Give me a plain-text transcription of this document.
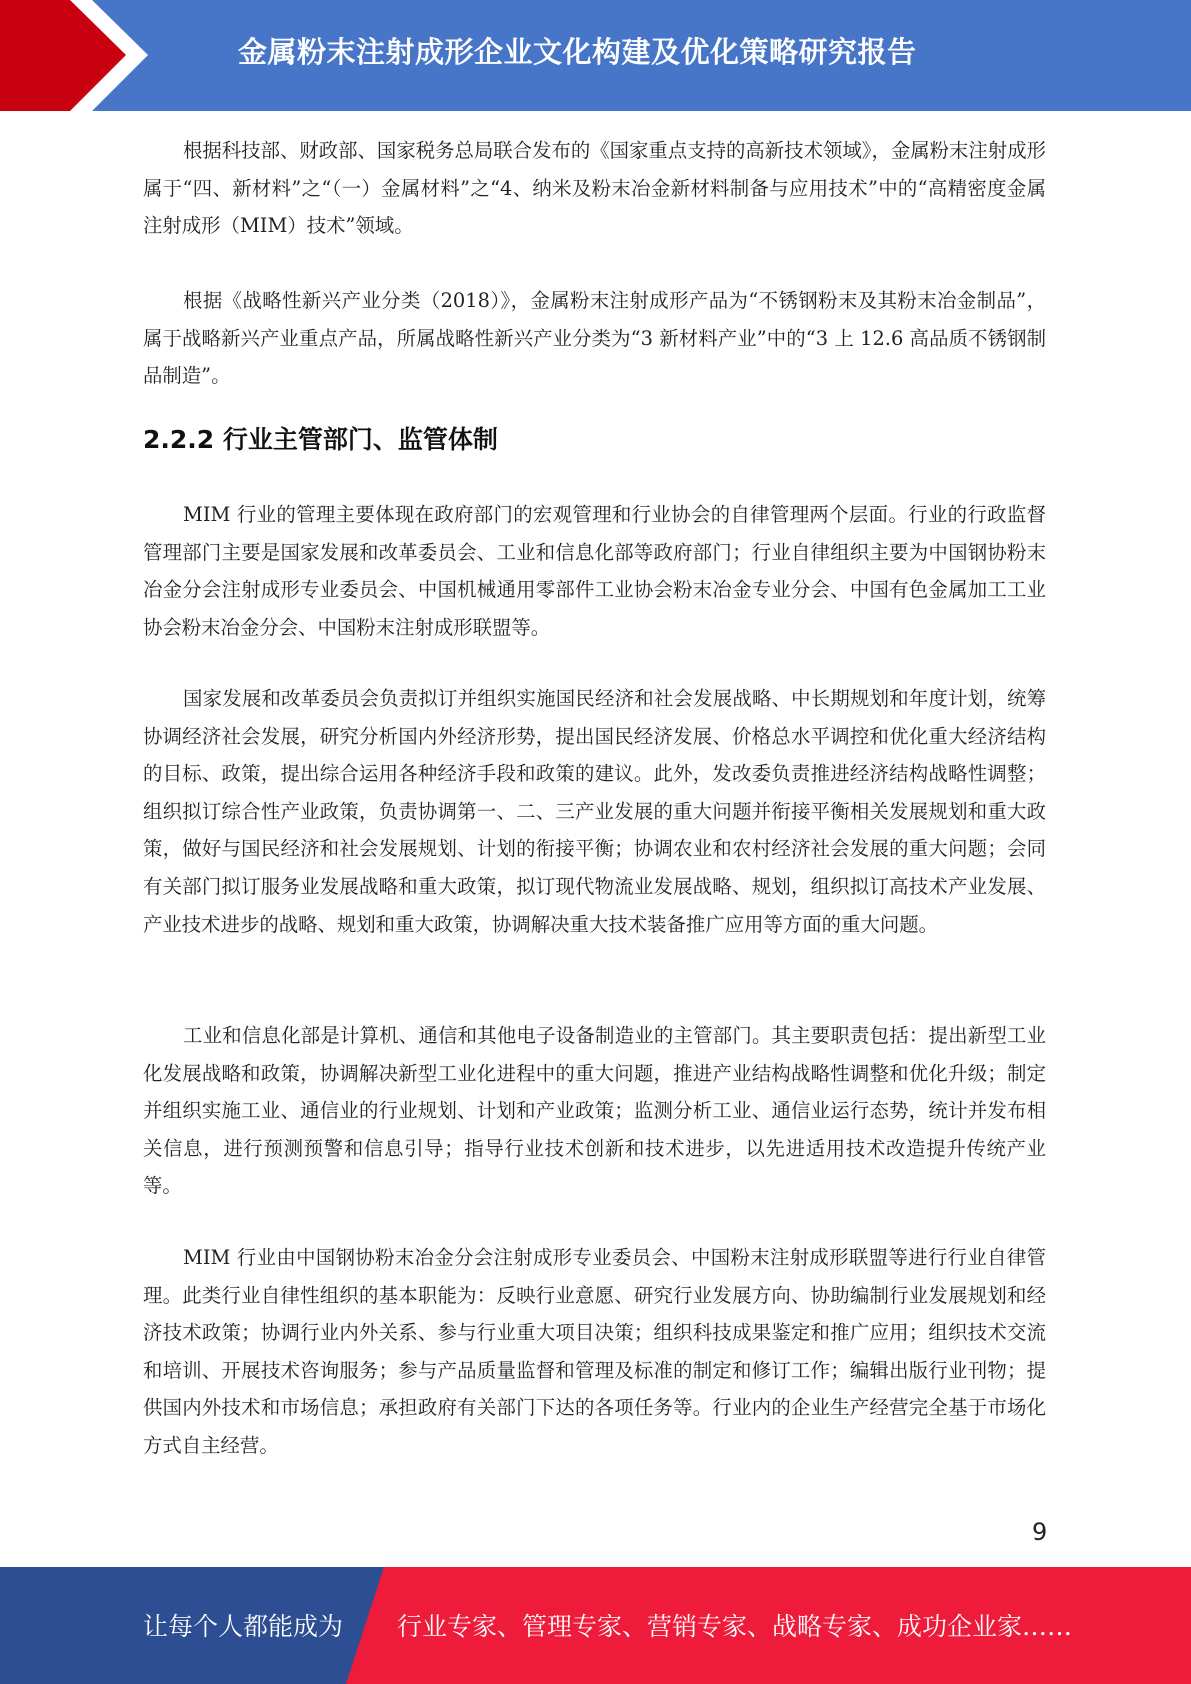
金属粉末注射成形企业文化构建及优化策略研究报告

根据科技部、财政部、国家税务总局联合发布的《国家重点支持的高新技术领域》，金属粉末注射成形属于“四、新材料”之“（一）金属材料”之“4、纳米及粉末冶金新材料制备与应用技术”中的“高精密度金属注射成形（MIM）技术”领域。

根据《战略性新兴产业分类（2018）》，金属粉末注射成形产品为“不锈钢粉末及其粉末冶金制品”，属于战略新兴产业重点产品，所属战略性新兴产业分类为“3 新材料产业”中的“3 上 12.6 高品质不锈钢制品制造”。

2.2.2 行业主管部门、监管体制

MIM 行业的管理主要体现在政府部门的宏观管理和行业协会的自律管理两个层面。行业的行政监督管理部门主要是国家发展和改革委员会、工业和信息化部等政府部门；行业自律组织主要为中国钢协粉末冶金分会注射成形专业委员会、中国机械通用零部件工业协会粉末冶金专业分会、中国有色金属加工工业协会粉末冶金分会、中国粉末注射成形联盟等。

国家发展和改革委员会负责拟订并组织实施国民经济和社会发展战略、中长期规划和年度计划，统筹协调经济社会发展，研究分析国内外经济形势，提出国民经济发展、价格总水平调控和优化重大经济结构的目标、政策，提出综合运用各种经济手段和政策的建议。此外，发改委负责推进经济结构战略性调整；组织拟订综合性产业政策，负责协调第一、二、三产业发展的重大问题并衔接平衡相关发展规划和重大政策，做好与国民经济和社会发展规划、计划的衔接平衡；协调农业和农村经济社会发展的重大问题；会同有关部门拟订服务业发展战略和重大政策，拟订现代物流业发展战略、规划，组织拟订高技术产业发展、产业技术进步的战略、规划和重大政策，协调解决重大技术装备推广应用等方面的重大问题。

工业和信息化部是计算机、通信和其他电子设备制造业的主管部门。其主要职责包括：提出新型工业化发展战略和政策，协调解决新型工业化进程中的重大问题，推进产业结构战略性调整和优化升级；制定并组织实施工业、通信业的行业规划、计划和产业政策；监测分析工业、通信业运行态势，统计并发布相关信息，进行预测预警和信息引导；指导行业技术创新和技术进步，以先进适用技术改造提升传统产业等。

MIM 行业由中国钢协粉末冶金分会注射成形专业委员会、中国粉末注射成形联盟等进行行业自律管理。此类行业自律性组织的基本职能为：反映行业意愿、研究行业发展方向、协助编制行业发展规划和经济技术政策；协调行业内外关系、参与行业重大项目决策；组织科技成果鉴定和推广应用；组织技术交流和培训、开展技术咨询服务；参与产品质量监督和管理及标准的制定和修订工作；编辑出版行业刊物；提供国内外技术和市场信息；承担政府有关部门下达的各项任务等。行业内的企业生产经营完全基于市场化方式自主经营。

9
让每个人都能成为 行业专家、管理专家、营销专家、战略专家、成功企业家……
